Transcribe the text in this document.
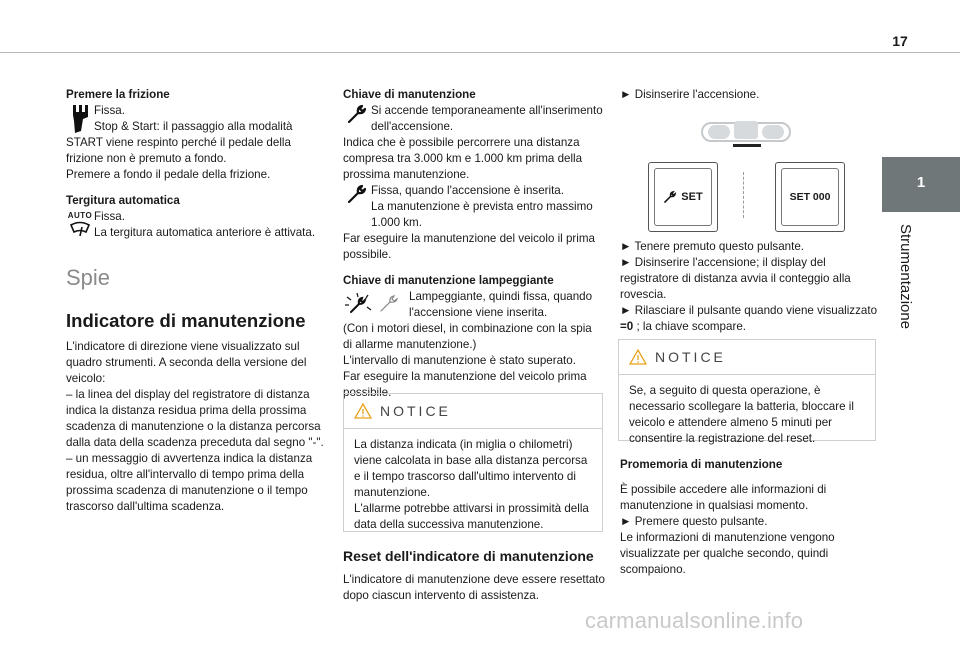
17
1
Strumentazione

Premere la frizione

Fissa.

Stop & Start: il passaggio alla modalità

START viene respinto perché il pedale della frizione non è premuto a fondo.

Premere a fondo il pedale della frizione.

Tergitura automatica

AUTO Fissa.

La tergitura automatica anteriore è attivata.

Spie

Indicatore di manutenzione

L'indicatore di direzione viene visualizzato sul quadro strumenti. A seconda della versione del veicolo:
– la linea del display del registratore di distanza indica la distanza residua prima della prossima scadenza di manutenzione o la distanza percorsa dalla data della scadenza preceduta dal segno "-".
– un messaggio di avvertenza indica la distanza residua, oltre all'intervallo di tempo prima della prossima scadenza di manutenzione o il tempo trascorso dall'ultima scadenza.

Chiave di manutenzione

Si accende temporaneamente all'inserimento dell'accensione.

Indica che è possibile percorrere una distanza compresa tra 3.000 km e 1.000 km prima della prossima manutenzione.

Fissa, quando l'accensione è inserita.

La manutenzione è prevista entro massimo 1.000 km.

Far eseguire la manutenzione del veicolo il prima possibile.

Chiave di manutenzione lampeggiante

Lampeggiante, quindi fissa, quando l'accensione viene inserita.

(Con i motori diesel, in combinazione con la spia di allarme manutenzione.)

L'intervallo di manutenzione è stato superato.

Far eseguire la manutenzione del veicolo prima possibile.

NOTICE
La distanza indicata (in miglia o chilometri) viene calcolata in base alla distanza percorsa e il tempo trascorso dall'ultimo intervento di manutenzione.
L'allarme potrebbe attivarsi in prossimità della data della successiva manutenzione.

Reset dell'indicatore di manutenzione

L'indicatore di manutenzione deve essere resettato dopo ciascun intervento di assistenza.

► Disinserire l'accensione.

SET	SET 000

► Tenere premuto questo pulsante.
► Disinserire l'accensione; il display del registratore di distanza avvia il conteggio alla rovescia.

► Rilasciare il pulsante quando viene visualizzato =0 ; la chiave scompare.

NOTICE
Se, a seguito di questa operazione, è necessario scollegare la batteria, bloccare il veicolo e attendere almeno 5 minuti per consentire la registrazione del reset.

Promemoria di manutenzione

È possibile accedere alle informazioni di manutenzione in qualsiasi momento.
► Premere questo pulsante.
Le informazioni di manutenzione vengono visualizzate per qualche secondo, quindi scompaiono.

carmanualsonline.info
